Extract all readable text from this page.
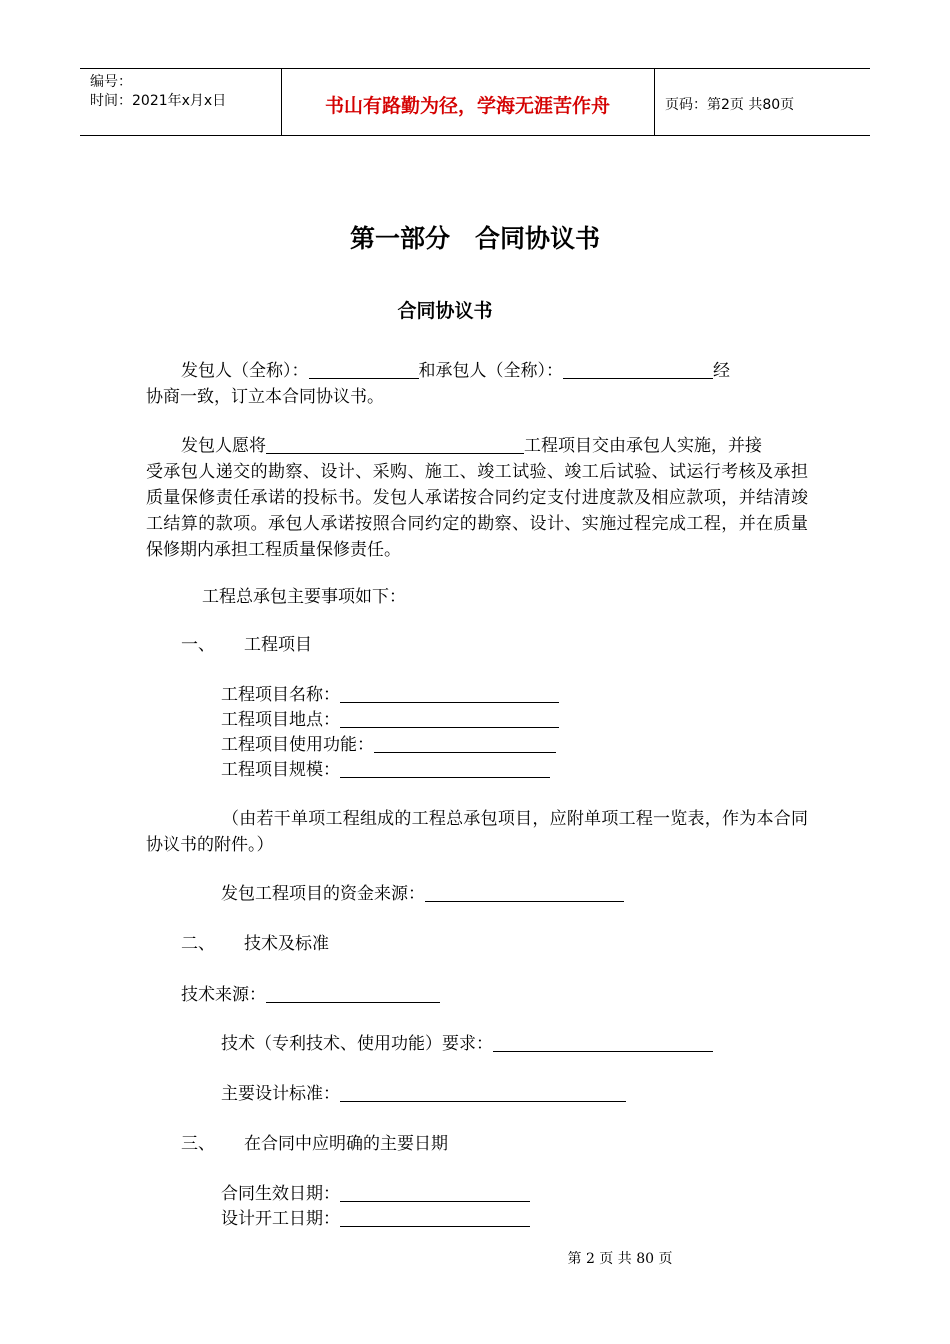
编号：
时间：2021年x月x日	书山有路勤为径，学海无涯苦作舟	页码：第2页 共80页
第一部分　合同协议书
合同协议书
发包人（全称）：	和承包人（全称）：	经
协商一致，订立本合同协议书。
发包人愿将	工程项目交由承包人实施，并接
受承包人递交的勘察、设计、采购、施工、竣工试验、竣工后试验、试运行考核及承担质量保修责任承诺的投标书。发包人承诺按合同约定支付进度款及相应款项，并结清竣工结算的款项。承包人承诺按照合同约定的勘察、设计、实施过程完成工程，并在质量保修期内承担工程质量保修责任。
工程总承包主要事项如下：
一、 工程项目
工程项目名称：
工程项目地点：
工程项目使用功能：
工程项目规模：
（由若干单项工程组成的工程总承包项目，应附单项工程一览表，作为本合同协议书的附件。）
发包工程项目的资金来源：
二、 技术及标准
技术来源：
技术（专利技术、使用功能）要求：
主要设计标准：
三、 在合同中应明确的主要日期
合同生效日期：
设计开工日期：
第 2 页 共 80 页
